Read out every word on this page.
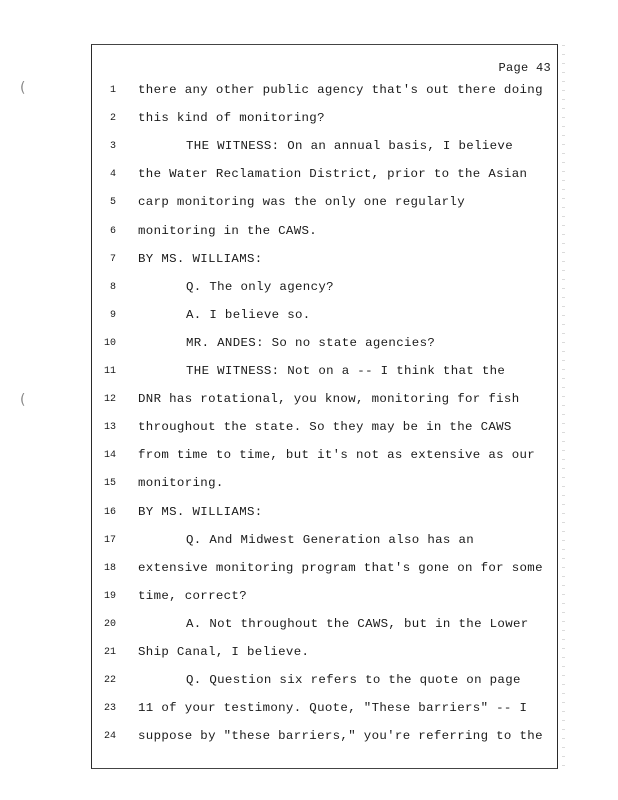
Page 43
1 there any other public agency that's out there doing
2 this kind of monitoring?
3	THE WITNESS: On an annual basis, I believe
4 the Water Reclamation District, prior to the Asian
5 carp monitoring was the only one regularly
6 monitoring in the CAWS.
7 BY MS. WILLIAMS:
8	Q. The only agency?
9	A. I believe so.
10	MR. ANDES: So no state agencies?
11	THE WITNESS: Not on a -- I think that the
12 DNR has rotational, you know, monitoring for fish
13 throughout the state. So they may be in the CAWS
14 from time to time, but it's not as extensive as our
15 monitoring.
16 BY MS. WILLIAMS:
17	Q. And Midwest Generation also has an
18 extensive monitoring program that's gone on for some
19 time, correct?
20	A. Not throughout the CAWS, but in the Lower
21 Ship Canal, I believe.
22	Q. Question six refers to the quote on page
23 11 of your testimony. Quote, "These barriers" -- I
24 suppose by "these barriers," you're referring to the
(
(
